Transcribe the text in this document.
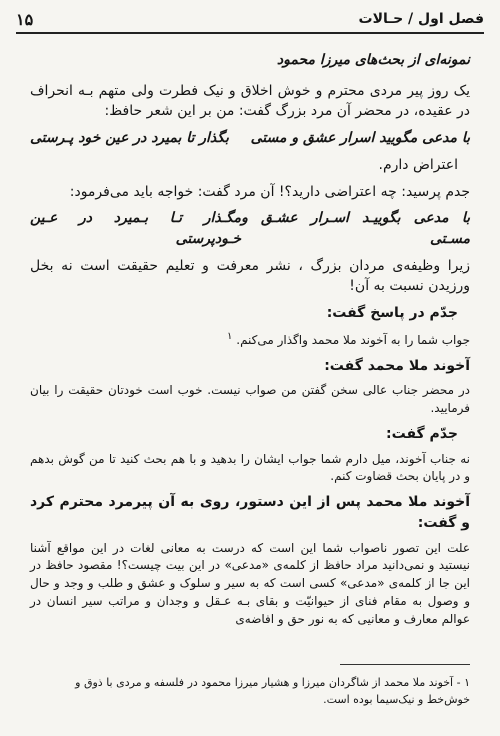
فصل اول / حـالات
۱۵
نمونه‌ای از بحث‌های میرزا محمود
یک روز پیر مردی محترم و خوش اخلاق و نیک فطرت ولی متهم بـه انحراف در عقیده، در محضر آن مرد بزرگ گفت: من بر این شعر حافظ:
با مدعی مگویید اسرار عشق و مستی
بگذار تا بمیرد در عین خود پـرستی
اعتراض دارم.
جدم پرسید: چه اعتراضی دارید؟! آن مرد گفت: خواجه باید می‌فرمود:
با مدعی بگوییـد اسـرار عشـق و مسـتی
مگـذار تـا بـمیرد در عـین خـودپرستی
زیرا وظیفه‌ی مردان بزرگ ، نشر معرفت و تعلیم حقیقت است نه بخل ورزیدن نسبت به آن!
جدّم در پاسخ گفت:
جواب شما را به آخوند ملا محمد واگذار می‌کنم. $^۱$
آخوند ملا محمد گفت:
در محضر جناب عالی سخن گفتن من صواب نیست. خوب است خودتان حقیقت را بیان فرمایید.
جدّم گفت:
نه جناب آخوند، میل دارم شما جواب ایشان را بدهید و با هم بحث کنید تا من گوش بدهم و در پایان بحث قضاوت کنم.
آخوند ملا محمد پس از این دستور، روی به آن پیرمرد محترم کرد و گفت:
علت این تصور ناصواب شما این است که درست به معانی لغات در این مواقع آشنا نیستید و نمی‌دانید مراد حافظ از کلمه‌ی «مدعی» در این بیت چیست؟! مقصود حافظ در این جا از کلمه‌ی «مدعی» کسی است که به سیر و سلوک و عشق و طلب و وجد و حال و وصول به مقام فنای از حیوانیّت و بقای بـه عـقل و وجدان و مراتب سیر انسان در عوالم معارف و معانیی که به نور حق و افاضه‌ی
۱ - آخوند ملا محمد از شاگردان میرزا و هشیار میرزا محمود در فلسفه و مردی با ذوق و خوش‌خط و نیک‌سیما بوده است.
